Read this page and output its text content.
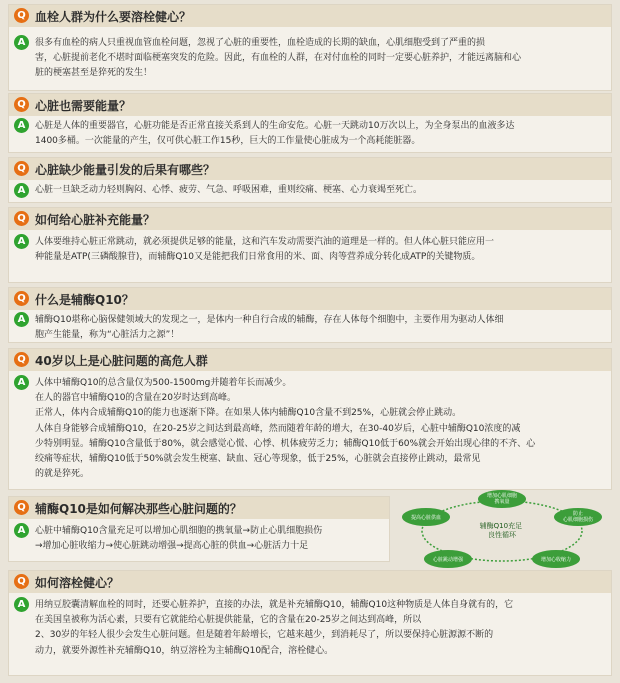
Q 血栓人群为什么要溶栓健心？
A	很多有血栓的病人只重视血管血栓问题，忽视了心脏的重要性，血栓造成的长期的缺血，心肌细胞受到了严重的损
害，心脏提前老化不堪时面临梗塞突发的危险。因此，有血栓的人群，在对付血栓的同时一定要心脏养护，才能远离脑和心
脏的梗塞甚至是猝死的发生！
Q 心脏也需要能量？
A	心脏是人体的重要器官，心脏功能是否正常直接关系到人的生命安危。心脏一天跳动10万次以上，为全身泵出的血液多达
1400多桶。一次能量的产生，仅可供心脏工作15秒，巨大的工作量使心脏成为一个高耗能脏器。
Q 心脏缺少能量引发的后果有哪些？
A	心脏一旦缺乏动力轻则胸闷、心悸、疲劳、气急、呼吸困难，重则绞痛、梗塞、心力衰竭至死亡。
Q 如何给心脏补充能量？
A	人体要维持心脏正常跳动，就必须提供足够的能量，这和汽车发动需要汽油的道理是一样的。但人体心脏只能应用一
种能量是ATP(三磷酸腺苷)，而辅酶Q10又是能把我们日常食用的米、面、肉等营养成分转化成ATP的关键物质。
Q 什么是辅酶Q10？
A	辅酶Q10堪称心脑保健领域大的发现之一，是体内一种自行合成的辅酶，存在人体每个细胞中，主要作用为驱动人体细
胞产生能量，称为“心脏活力之源”！
Q 40岁以上是心脏问题的高危人群
A	人体中辅酶Q10的总含量仅为500-1500mg并随着年长而减少。
在人的器官中辅酶Q10的含量在20岁时达到高峰。
正常人，体内合成辅酶Q10的能力也逐渐下降。在如果人体内辅酶Q10含量不到25%，心脏就会停止跳动。
人体自身能够合成辅酶Q10，在20-25岁之间达到最高峰，然而随着年龄的增大，在30-40岁后，心脏中辅酶Q10浓度的减
少特别明显。辅酶Q10含量低于80%，就会感觉心慌、心悸、机体疲劳乏力；辅酶Q10低于60%就会开始出现心律的不齐、心
绞痛等症状，辅酶Q10低于50%就会发生梗塞、缺血、冠心等现象，低于25%，心脏就会直接停止跳动，最常见
的就是猝死。
Q 辅酶Q10是如何解决那些心脏问题的？
A	心脏中辅酶Q10含量充足可以增加心肌细胞的携氧量→防止心肌细胞损伤
→增加心脏收缩力→使心脏跳动增强→提高心脏的供血→心脏活力十足
辅酶Q10充足 良性循环
增加心肌细胞携氧量
防止心肌细胞损伤
增加心收缩力
心脏跳动增强
提高心脏供血
Q 如何溶栓健心？
A	用纳豆胶囊清解血栓的同时，还要心脏养护，直接的办法，就是补充辅酶Q10，辅酶Q10这种物质是人体自身就有的，它
在美国皇被称为活心素，只要有它就能给心脏提供能量，它的含量在20-25岁之间达到高峰，所以
2、30岁的年轻人很少会发生心脏问题。但是随着年龄增长，它越来越少，到消耗尽了，所以要保持心脏源源不断的
动力，就要外源性补充辅酶Q10，纳豆溶栓为主辅酶Q10配合，溶栓健心。
